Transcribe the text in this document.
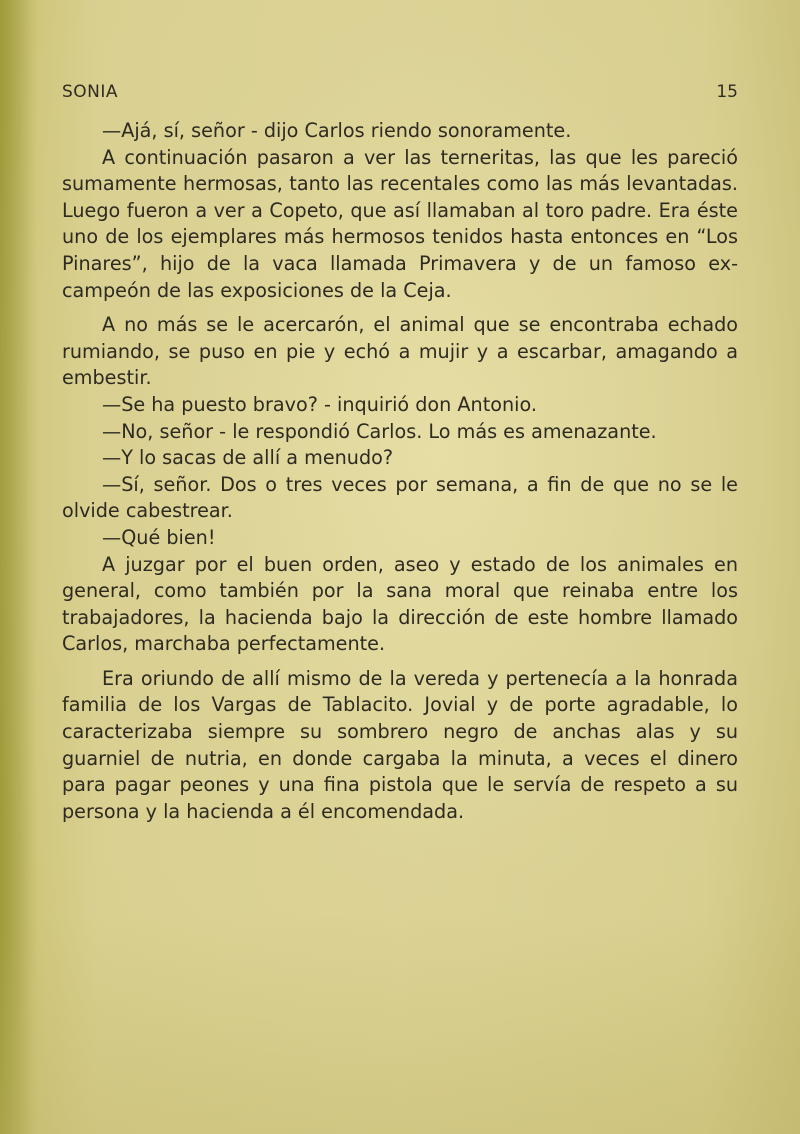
SONIA	15

—Ajá, sí, señor - dijo Carlos riendo sonoramente.

A continuación pasaron a ver las terneritas, las que les pareció sumamente hermosas, tanto las recentales como las más levantadas. Luego fueron a ver a Copeto, que así llamaban al toro padre. Era éste uno de los ejemplares más hermosos tenidos hasta entonces en “Los Pinares”, hijo de la vaca llamada Primavera y de un famoso ex-campeón de las exposiciones de la Ceja.

A no más se le acercarón, el animal que se encontraba echado rumiando, se puso en pie y echó a mujir y a escarbar, amagando a embestir.

—Se ha puesto bravo? - inquirió don Antonio.

—No, señor - le respondió Carlos. Lo más es amenazante.

—Y lo sacas de allí a menudo?

—Sí, señor. Dos o tres veces por semana, a fin de que no se le olvide cabestrear.

—Qué bien!

A juzgar por el buen orden, aseo y estado de los animales en general, como también por la sana moral que reinaba entre los trabajadores, la hacienda bajo la dirección de este hombre llamado Carlos, marchaba perfectamente.

Era oriundo de allí mismo de la vereda y pertenecía a la honrada familia de los Vargas de Tablacito. Jovial y de porte agradable, lo caracterizaba siempre su sombrero negro de anchas alas y su guarniel de nutria, en donde cargaba la minuta, a veces el dinero para pagar peones y una fina pistola que le servía de respeto a su persona y la hacienda a él encomendada.
